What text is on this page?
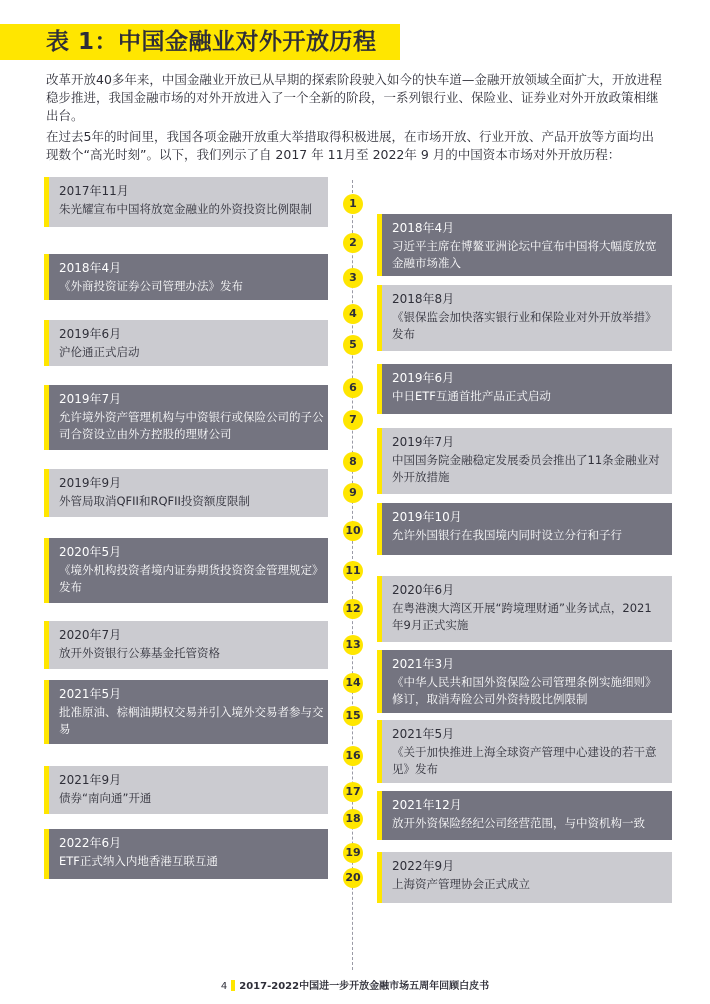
表 1：中国金融业对外开放历程

改革开放40多年来，中国金融业开放已从早期的探索阶段驶入如今的快车道—金融开放领域全面扩大，开放进程稳步推进，我国金融市场的对外开放进入了一个全新的阶段，一系列银行业、保险业、证券业对外开放政策相继出台。

在过去5年的时间里，我国各项金融开放重大举措取得积极进展，在市场开放、行业开放、产品开放等方面均出现数个“高光时刻”。以下，我们列示了自 2017 年 11月至 2022年 9 月的中国资本市场对外开放历程：

2017年11月
朱光耀宣布中国将放宽金融业的外资投资比例限制
2018年4月
《外商投资证券公司管理办法》发布
2019年6月
沪伦通正式启动
2019年7月
允许境外资产管理机构与中资银行或保险公司的子公司合资设立由外方控股的理财公司
2019年9月
外管局取消QFII和RQFII投资额度限制
2020年5月
《境外机构投资者境内证券期货投资资金管理规定》发布
2020年7月
放开外资银行公募基金托管资格
2021年5月
批准原油、棕榈油期权交易并引入境外交易者参与交易
2021年9月
债券“南向通”开通
2022年6月
ETF正式纳入内地香港互联互通
2018年4月
习近平主席在博鳌亚洲论坛中宣布中国将大幅度放宽金融市场准入
2018年8月
《银保监会加快落实银行业和保险业对外开放举措》发布
2019年6月
中日ETF互通首批产品正式启动
2019年7月
中国国务院金融稳定发展委员会推出了11条金融业对外开放措施
2019年10月
允许外国银行在我国境内同时设立分行和子行
2020年6月
在粤港澳大湾区开展“跨境理财通”业务试点，2021年9月正式实施
2021年3月
《中华人民共和国外资保险公司管理条例实施细则》修订，取消寿险公司外资持股比例限制
2021年5月
《关于加快推进上海全球资产管理中心建设的若干意见》发布
2021年12月
放开外资保险经纪公司经营范围，与中资机构一致
2022年9月
上海资产管理协会正式成立
1
2
3
4
5
6
7
8
9
10
11
12
13
14
15
16
17
18
19
20
4 2017-2022中国进一步开放金融市场五周年回顾白皮书
